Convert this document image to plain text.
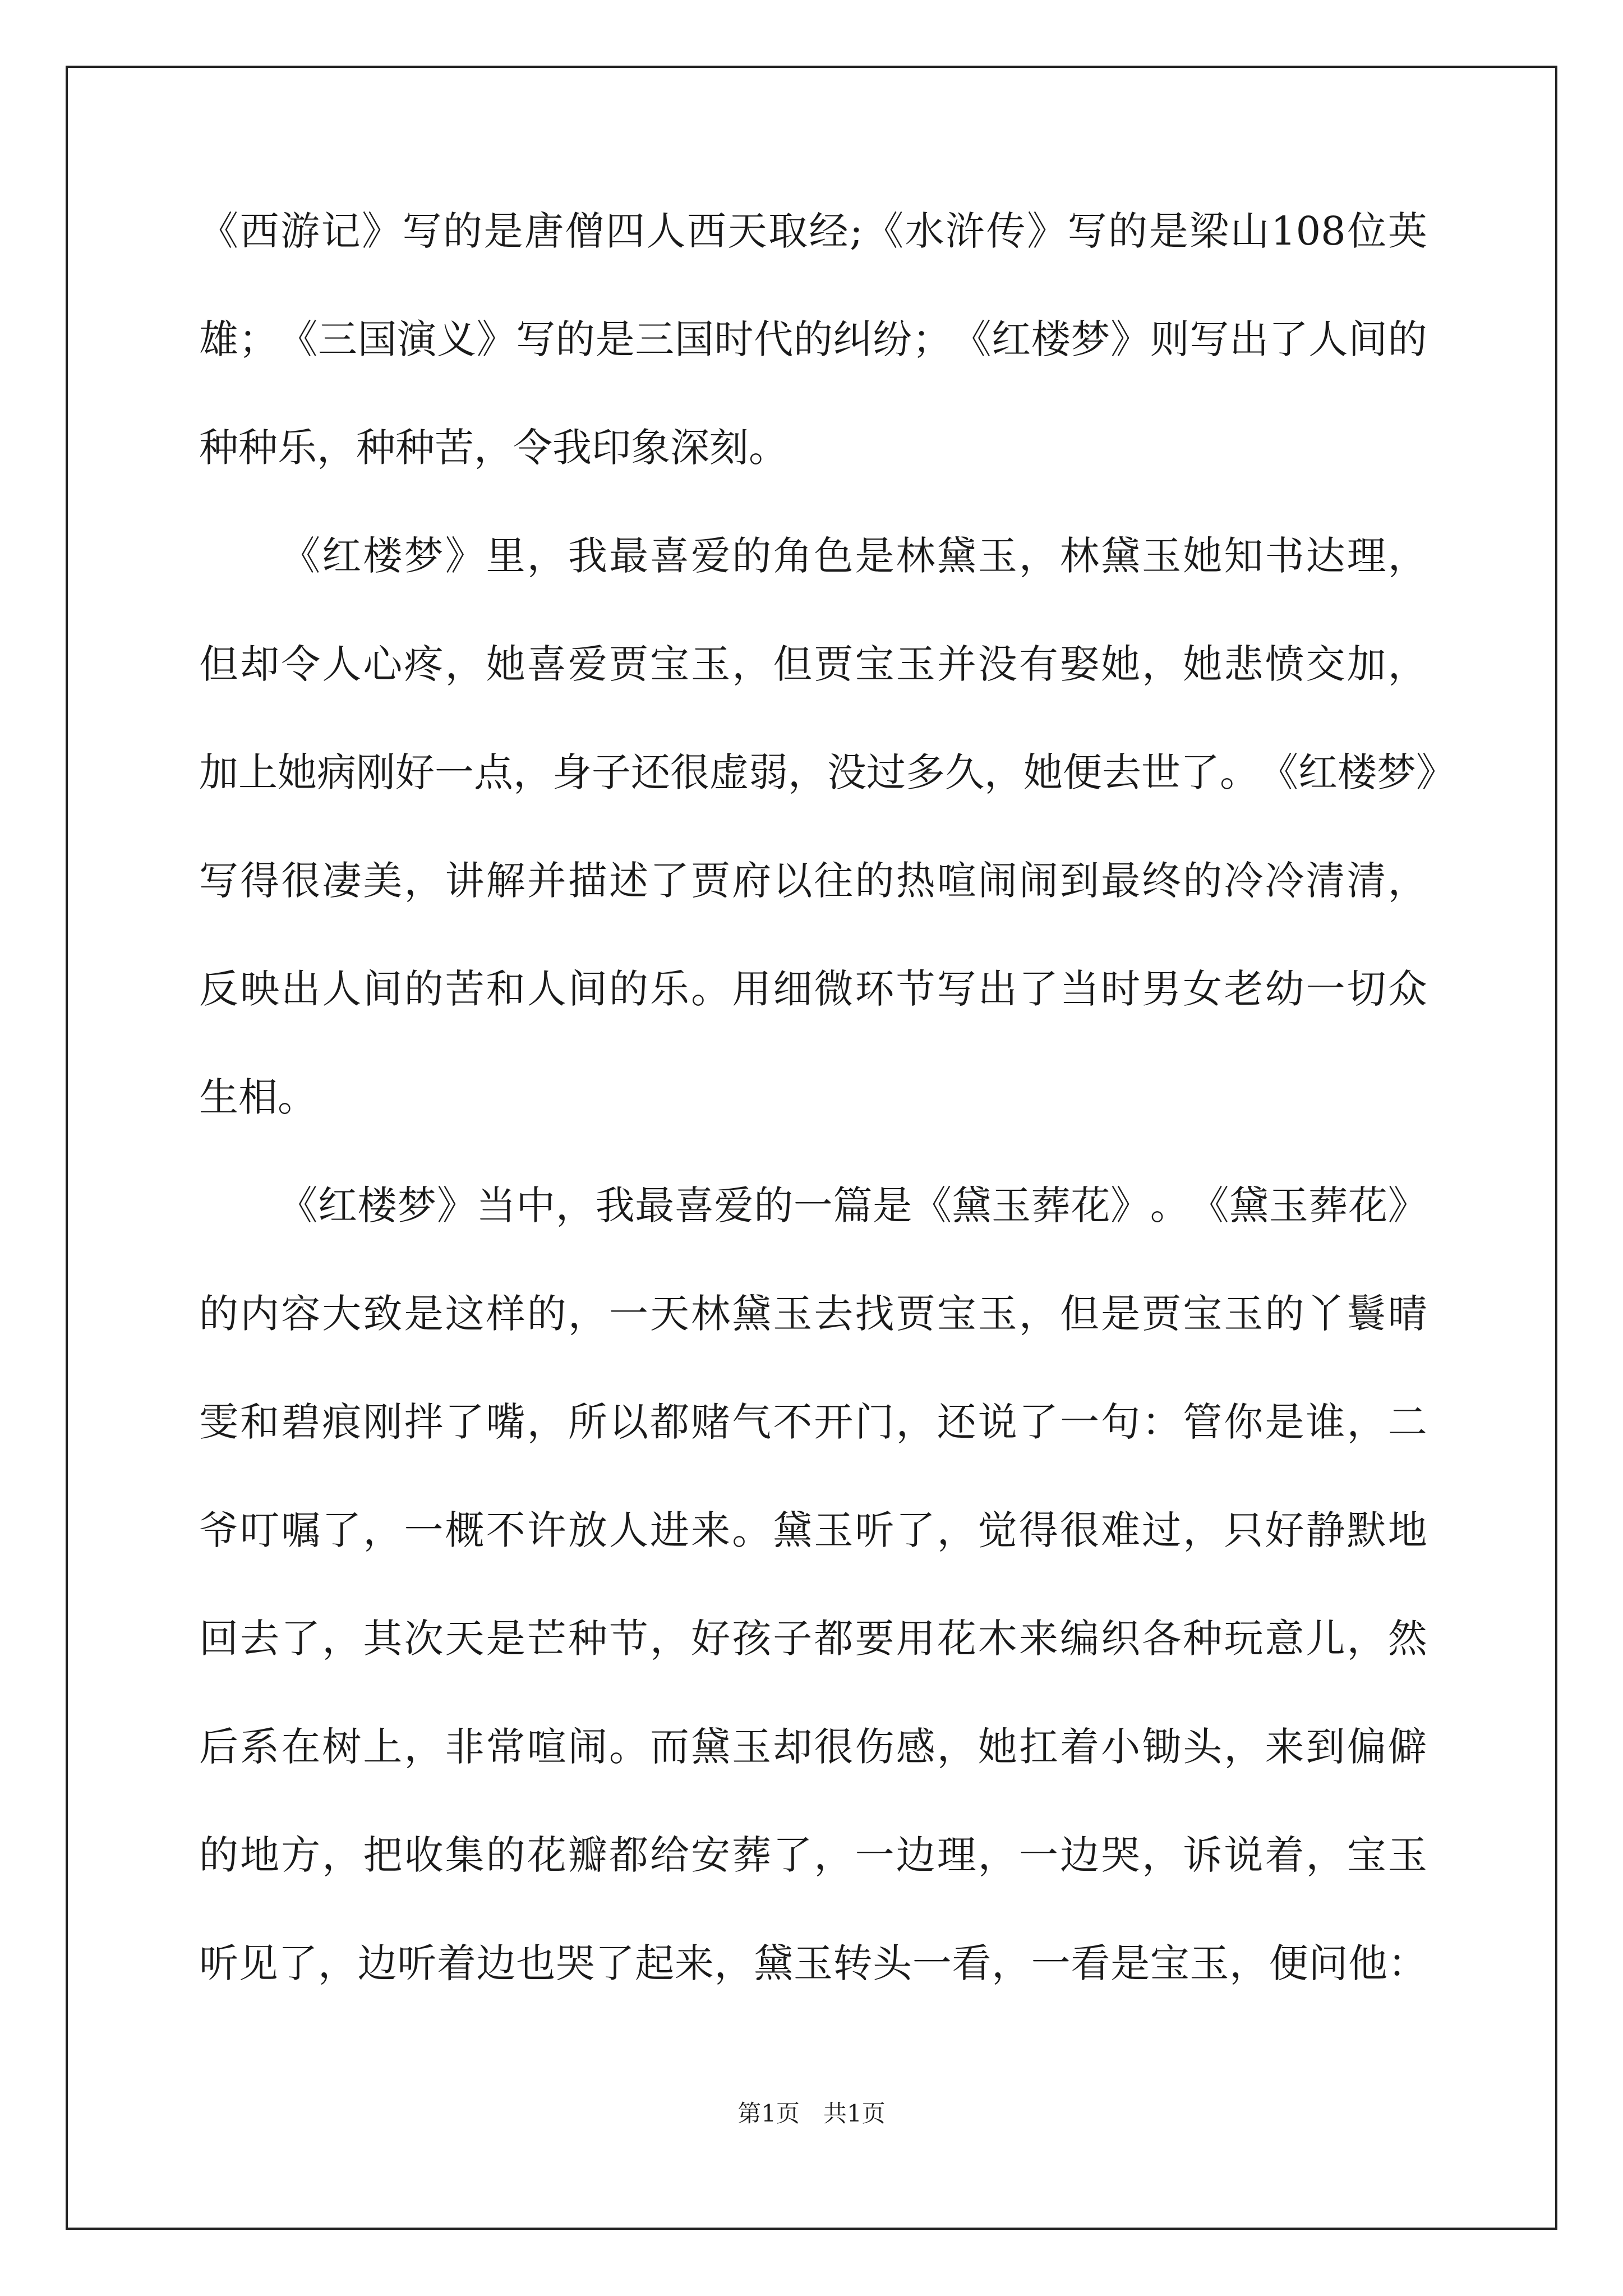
《 西 游 记 》 写 的 是 唐 僧 四 人 西 天 取 经 ; 《 水 浒 传 》 写 的 是 梁 山 108 位 英
雄 ； 《 三 国 演 义 》 写 的 是 三 国 时 代 的 纠 纷 ； 《 红 楼 梦 》 则 写 出 了 人 间 的
种种乐，种种苦，令我印象深刻。

《 红 楼 梦 》 里 ， 我 最 喜 爱 的 角 色 是 林 黛 玉 ， 林 黛 玉 她 知 书 达 理 ，
但 却 令 人 心 疼 ， 她 喜 爱 贾 宝 玉 ， 但 贾 宝 玉 并 没 有 娶 她 ， 她 悲 愤 交 加 ，
加 上 她 病 刚 好 一 点 ， 身 子 还 很 虚 弱 ， 没 过 多 久 ， 她 便 去 世 了 。 《 红 楼 梦 》
写 得 很 凄 美 ， 讲 解 并 描 述 了 贾 府 以 往 的 热 喧 闹 闹 到 最 终 的 冷 冷 清 清 ，
反 映 出 人 间 的 苦 和 人 间 的 乐 。 用 细 微 环 节 写 出 了 当 时 男 女 老 幼 一 切 众
生相。

《 红 楼 梦 》 当 中 ， 我 最 喜 爱 的 一 篇 是 《 黛 玉 葬 花 》 。 《 黛 玉 葬 花 》
的 内 容 大 致 是 这 样 的 ， 一 天 林 黛 玉 去 找 贾 宝 玉 ， 但 是 贾 宝 玉 的 丫 鬟 晴
雯 和 碧 痕 刚 拌 了 嘴 ， 所 以 都 赌 气 不 开 门 ， 还 说 了 一 句 ： 管 你 是 谁 ， 二
爷 叮 嘱 了 ， 一 概 不 许 放 人 进 来 。 黛 玉 听 了 ， 觉 得 很 难 过 ， 只 好 静 默 地
回 去 了 ， 其 次 天 是 芒 种 节 ， 好 孩 子 都 要 用 花 木 来 编 织 各 种 玩 意 儿 ， 然
后 系 在 树 上 ， 非 常 喧 闹 。 而 黛 玉 却 很 伤 感 ， 她 扛 着 小 锄 头 ， 来 到 偏 僻
的 地 方 ， 把 收 集 的 花 瓣 都 给 安 葬 了 ， 一 边 理 ， 一 边 哭 ， 诉 说 着 ， 宝 玉
听 见 了 ， 边 听 着 边 也 哭 了 起 来 ， 黛 玉 转 头 一 看 ， 一 看 是 宝 玉 ， 便 问 他 ：
第1页　共1页
